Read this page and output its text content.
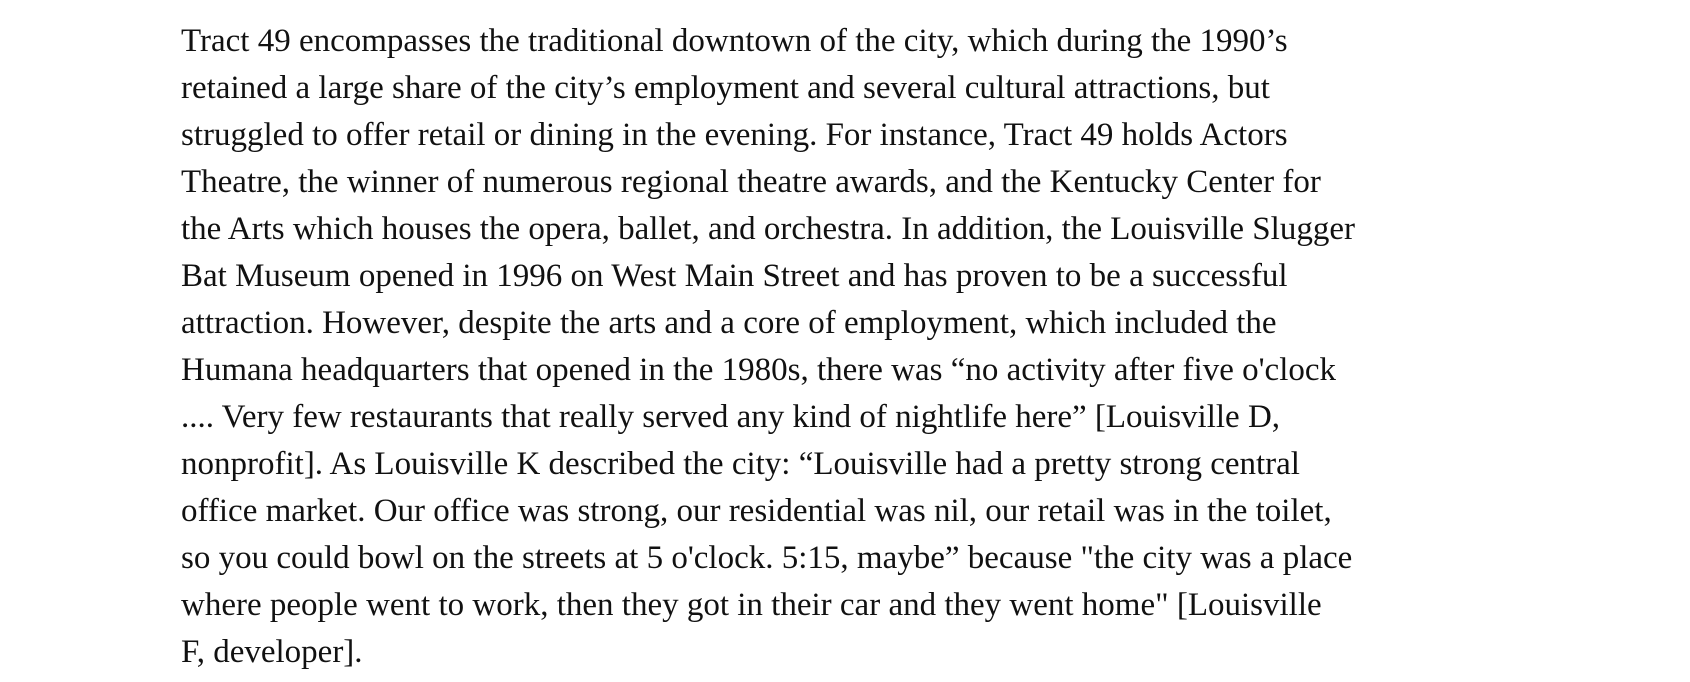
Tract 49 encompasses the traditional downtown of the city, which during the 1990’s
retained a large share of the city’s employment and several cultural attractions, but
struggled to offer retail or dining in the evening. For instance, Tract 49 holds Actors
Theatre, the winner of numerous regional theatre awards, and the Kentucky Center for
the Arts which houses the opera, ballet, and orchestra. In addition, the Louisville Slugger
Bat Museum opened in 1996 on West Main Street and has proven to be a successful
attraction. However, despite the arts and a core of employment, which included the
Humana headquarters that opened in the 1980s, there was “no activity after five o'clock
.... Very few restaurants that really served any kind of nightlife here” [Louisville D,
nonprofit]. As Louisville K described the city: “Louisville had a pretty strong central
office market. Our office was strong, our residential was nil, our retail was in the toilet,
so you could bowl on the streets at 5 o'clock. 5:15, maybe” because "the city was a place
where people went to work, then they got in their car and they went home" [Louisville
F, developer].
